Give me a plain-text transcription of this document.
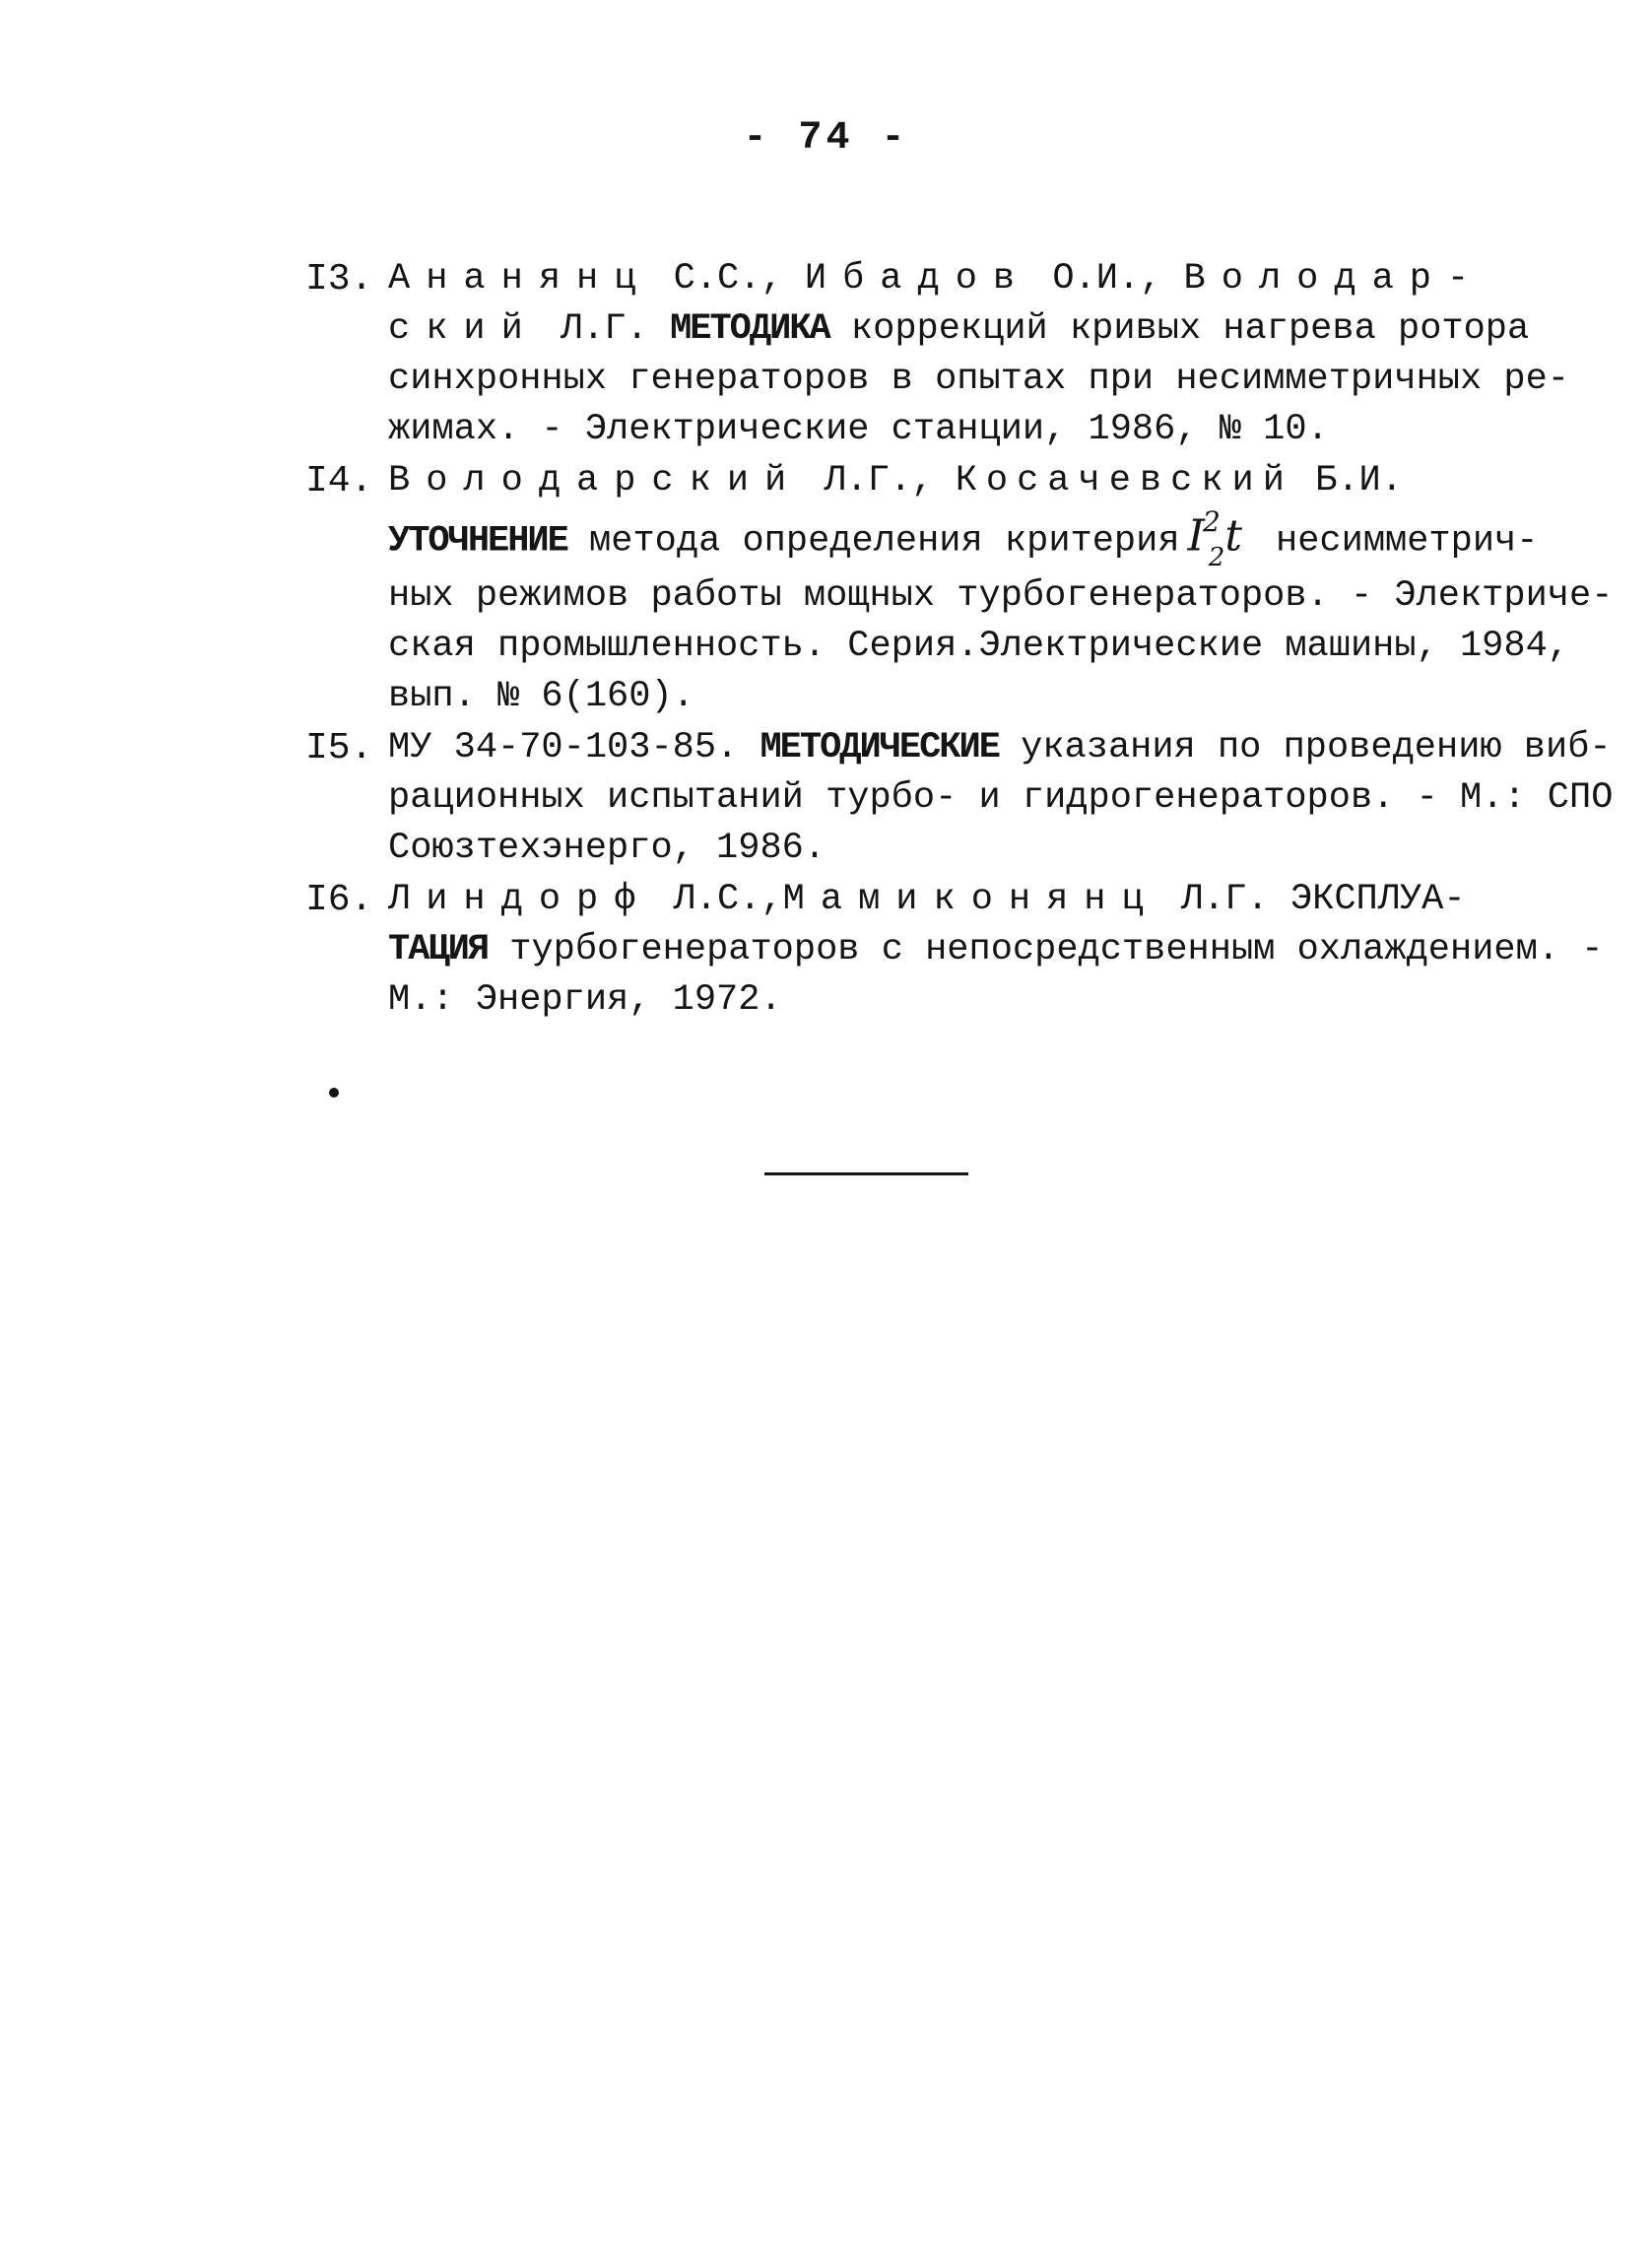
- 74 -
I3. Ананянц С.С., Ибадов О.И., Володар-
ский Л.Г. МЕТОДИКА коррекций кривых нагрева ротора
синхронных генераторов в опытах при несимметричных ре-
жимах. - Электрические станции, 1986, № 10.
I4. Володарский Л.Г., Косачевский Б.И.
УТОЧНЕНИЕ метода определения критерия $I^2_2t$ несимметрич-
ных режимов работы мощных турбогенераторов. - Электриче-
ская промышленность. Серия.Электрические машины, 1984,
вып. № 6(160).
I5. МУ 34-70-103-85. МЕТОДИЧЕСКИЕ указания по проведению виб-
рационных испытаний турбо- и гидрогенераторов. - М.: СПО
Союзтехэнерго, 1986.
I6. Линдорф Л.С.,Мамиконянц Л.Г. ЭКСПЛУА-
ТАЦИЯ турбогенераторов с непосредственным охлаждением. -
М.: Энергия, 1972.
